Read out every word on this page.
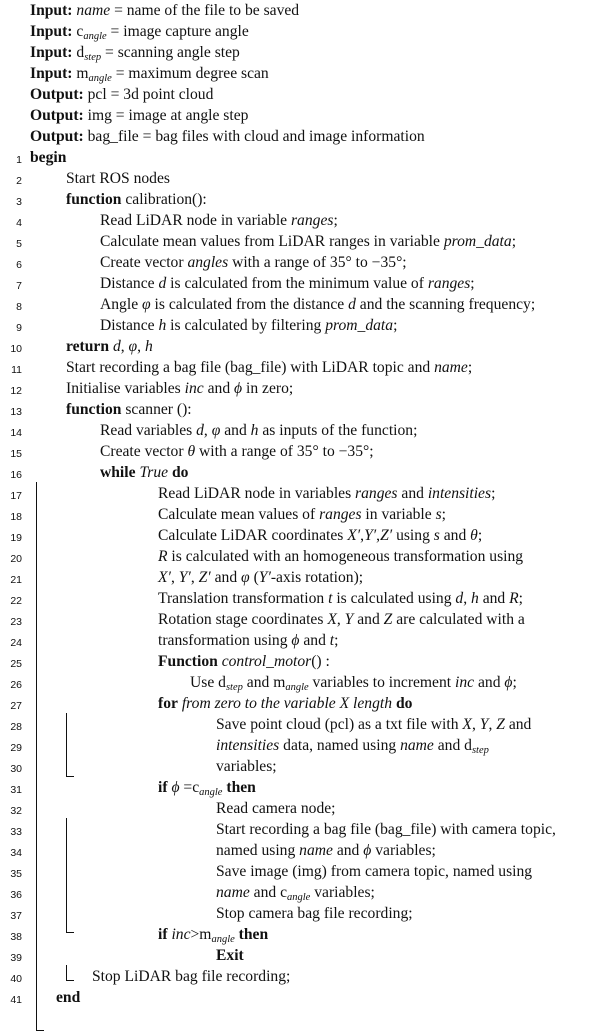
Input: name = name of the file to be saved
Input: $c_{angle}$ = image capture angle
Input: $d_{step}$ = scanning angle step
Input: $m_{angle}$ = maximum degree scan
Output: pcl = 3d point cloud
Output: img = image at angle step
Output: bag_file = bag files with cloud and image information
1 begin
2	Start ROS nodes
3	function calibration():
4	Read LiDAR node in variable ranges;
5	Calculate mean values from LiDAR ranges in variable prom_data;
6	Create vector angles with a range of 35° to −35°;
7	Distance d is calculated from the minimum value of ranges;
8	Angle φ is calculated from the distance d and the scanning frequency;
9	Distance h is calculated by filtering prom_data;
10	return d, φ, h
11	Start recording a bag file (bag_file) with LiDAR topic and name;
12	Initialise variables inc and ϕ in zero;
13	function scanner ():
14	Read variables d, φ and h as inputs of the function;
15	Create vector θ with a range of 35° to −35°;
16	while True do
17	Read LiDAR node in variables ranges and intensities;
18	Calculate mean values of ranges in variable s;
19	Calculate LiDAR coordinates X′,Y′,Z′ using s and θ;
20	R is calculated with an homogeneous transformation using
21	X′, Y′, Z′ and φ (Y′-axis rotation);
22	Translation transformation t is calculated using d, h and R;
23	Rotation stage coordinates X, Y and Z are calculated with a
24	transformation using ϕ and t;
25	Function control_motor() :
26	Use $d_{step}$ and $m_{angle}$ variables to increment inc and ϕ;
27	for from zero to the variable X length do
28	Save point cloud (pcl) as a txt file with X, Y, Z and
29	intensities data, named using name and $d_{step}$
30	variables;
31	if $\phi =c_{angle}$ then
32	Read camera node;
33	Start recording a bag file (bag_file) with camera topic,
34	named using name and ϕ variables;
35	Save image (img) from camera topic, named using
36	name and $c_{angle}$ variables;
37	Stop camera bag file recording;
38	if $inc>m_{angle}$ then
39	Exit
40	Stop LiDAR bag file recording;
41 end
